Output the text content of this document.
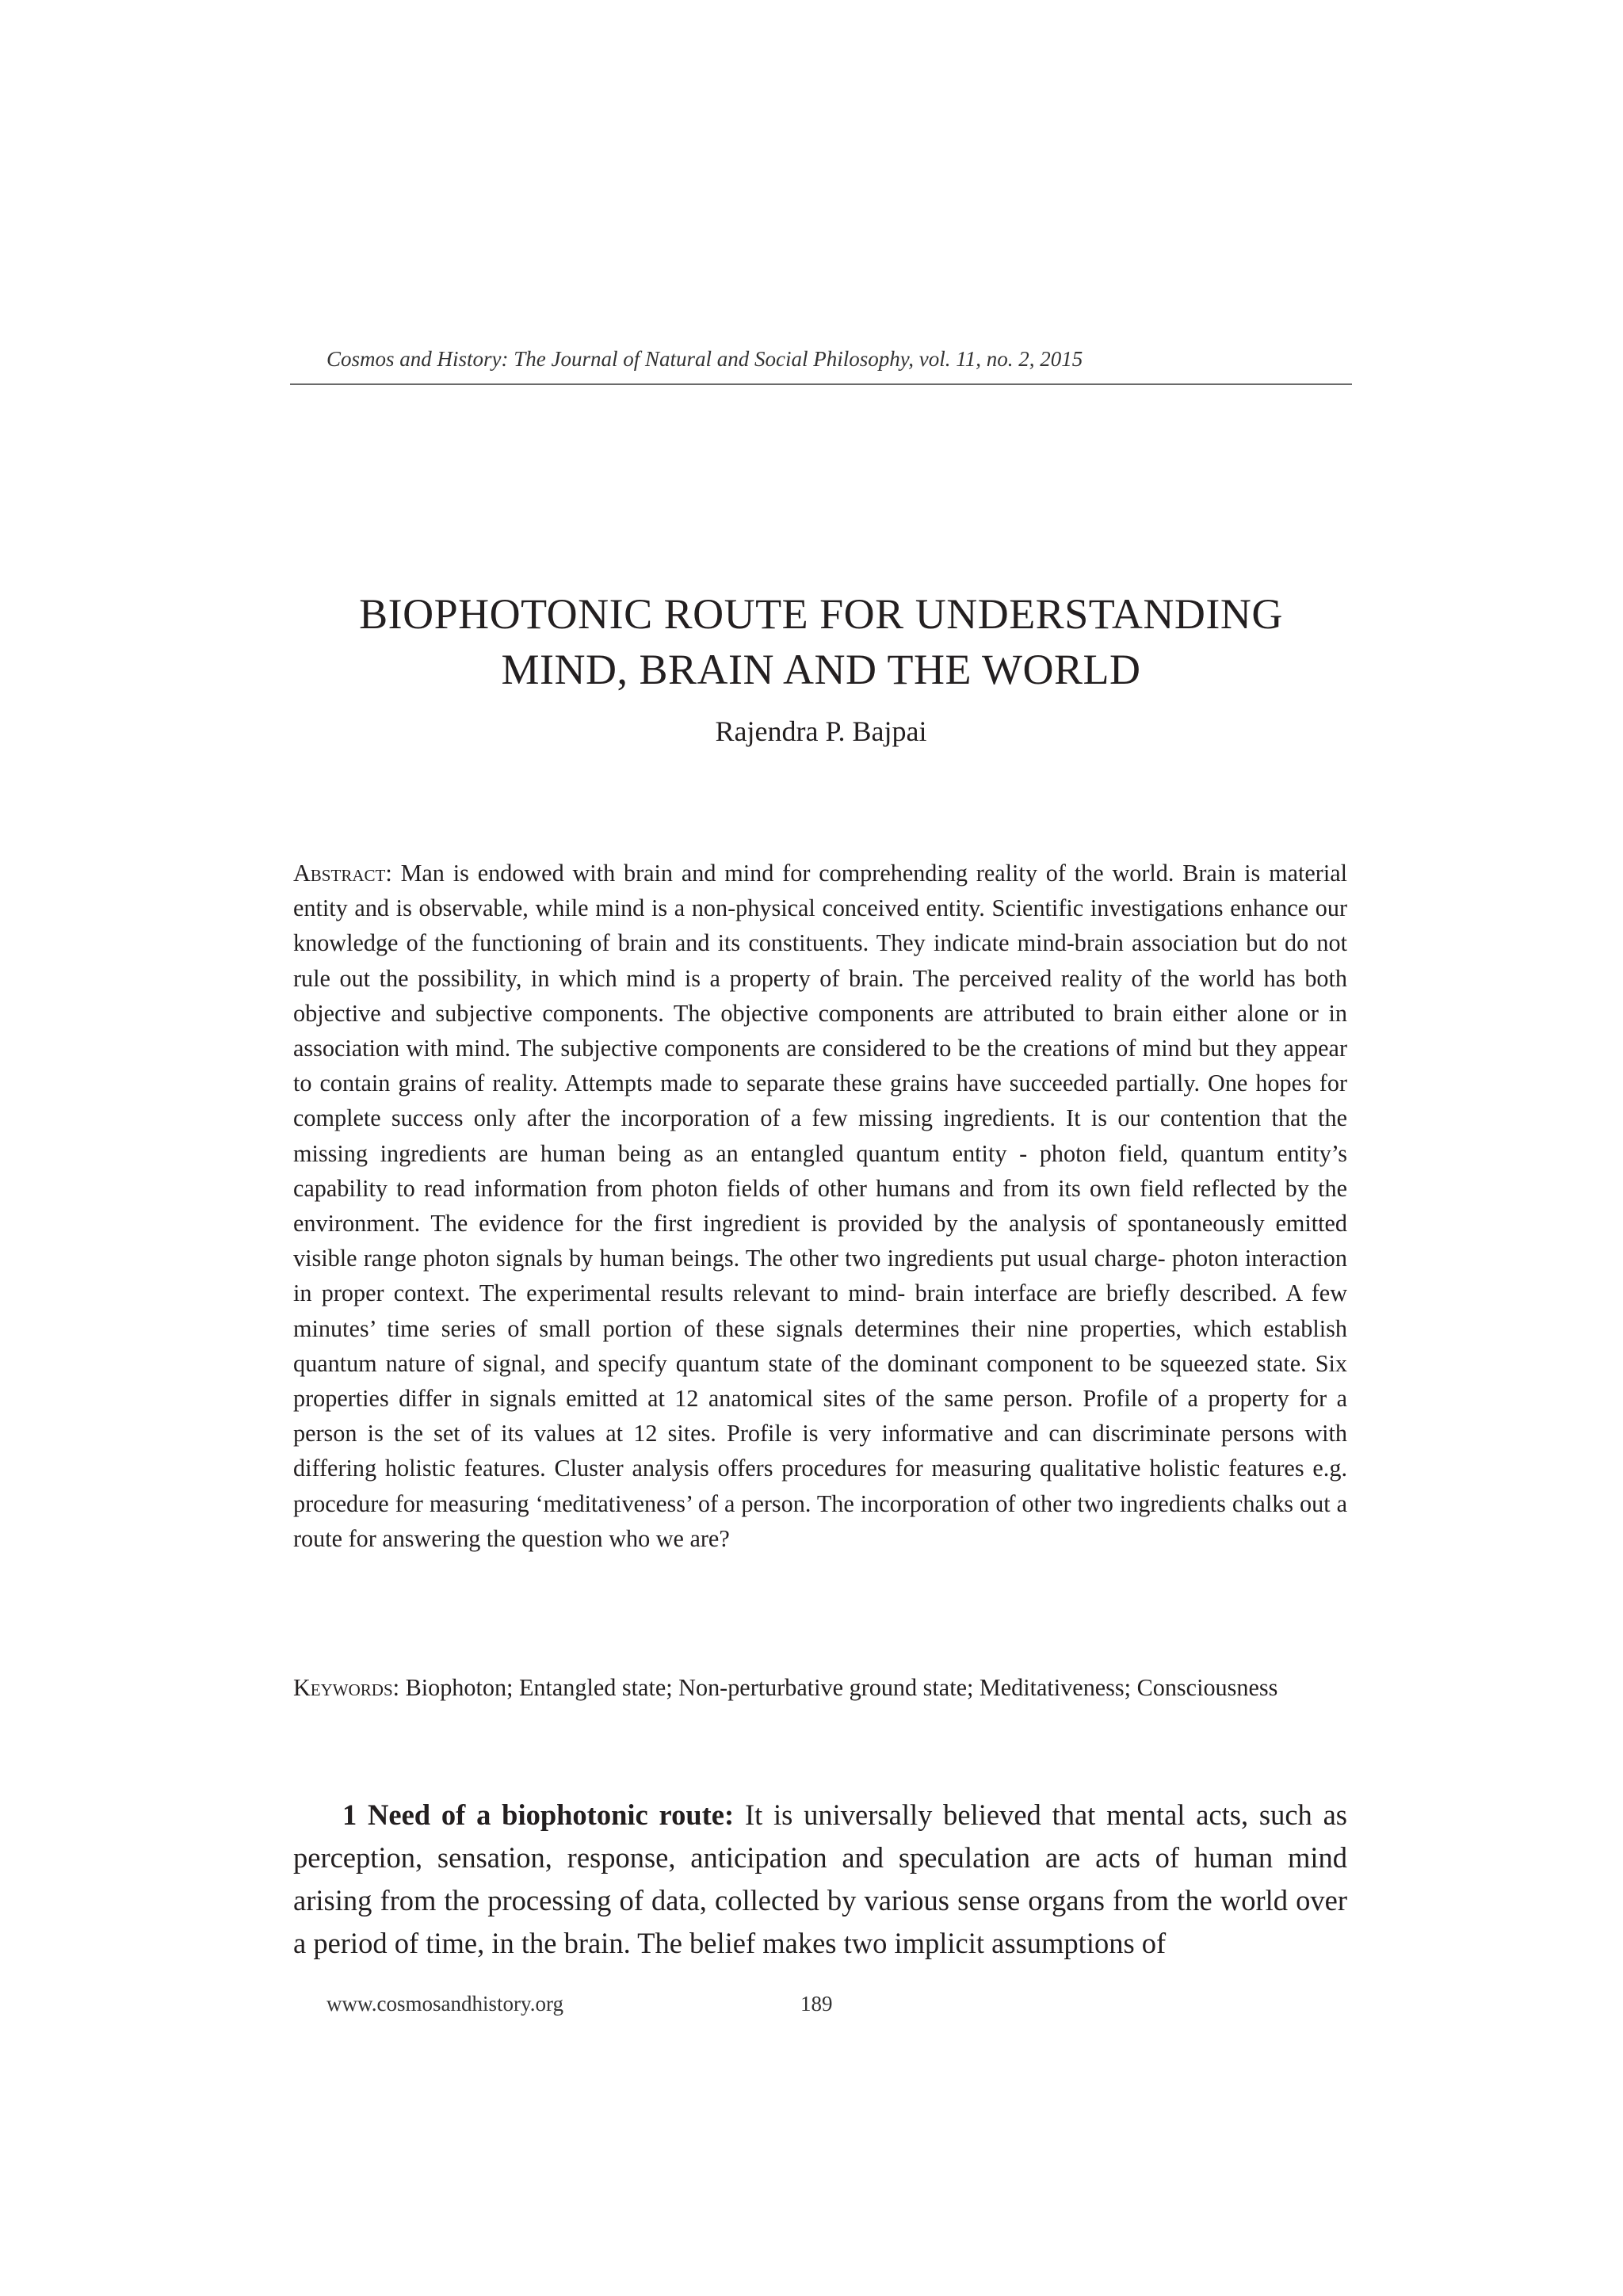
Cosmos and History: The Journal of Natural and Social Philosophy, vol. 11, no. 2, 2015
BIOPHOTONIC ROUTE FOR UNDERSTANDING
MIND, BRAIN AND THE WORLD

Rajendra P. Bajpai

Abstract: Man is endowed with brain and mind for comprehending reality of the world. Brain is material entity and is observable, while mind is a non-physical conceived entity. Scientific investigations enhance our knowledge of the functioning of brain and its constituents. They indicate mind-brain association but do not rule out the possibility, in which mind is a property of brain. The perceived reality of the world has both objective and subjective components. The objective components are attributed to brain either alone or in association with mind. The subjective components are considered to be the creations of mind but they appear to contain grains of reality. Attempts made to separate these grains have succeeded partially. One hopes for complete success only after the incorporation of a few missing ingredients. It is our contention that the missing ingredients are human being as an entangled quantum entity - photon field, quantum entity’s capability to read information from photon fields of other humans and from its own field reflected by the environment. The evidence for the first ingredient is provided by the analysis of spontaneously emitted visible range photon signals by human beings. The other two ingredients put usual charge- photon interaction in proper context. The experimental results relevant to mind- brain interface are briefly described. A few minutes’ time series of small portion of these signals determines their nine properties, which establish quantum nature of signal, and specify quantum state of the dominant component to be squeezed state. Six properties differ in signals emitted at 12 anatomical sites of the same person. Profile of a property for a person is the set of its values at 12 sites. Profile is very informative and can discriminate persons with differing holistic features. Cluster analysis offers procedures for measuring qualitative holistic features e.g. procedure for measuring ‘meditativeness’ of a person. The incorporation of other two ingredients chalks out a route for answering the question who we are?

Keywords: Biophoton; Entangled state; Non-perturbative ground state; Meditativeness; Consciousness

1 Need of a biophotonic route: It is universally believed that mental acts, such as perception, sensation, response, anticipation and speculation are acts of human mind arising from the processing of data, collected by various sense organs from the world over a period of time, in the brain. The belief makes two implicit assumptions of

www.cosmosandhistory.org	189
